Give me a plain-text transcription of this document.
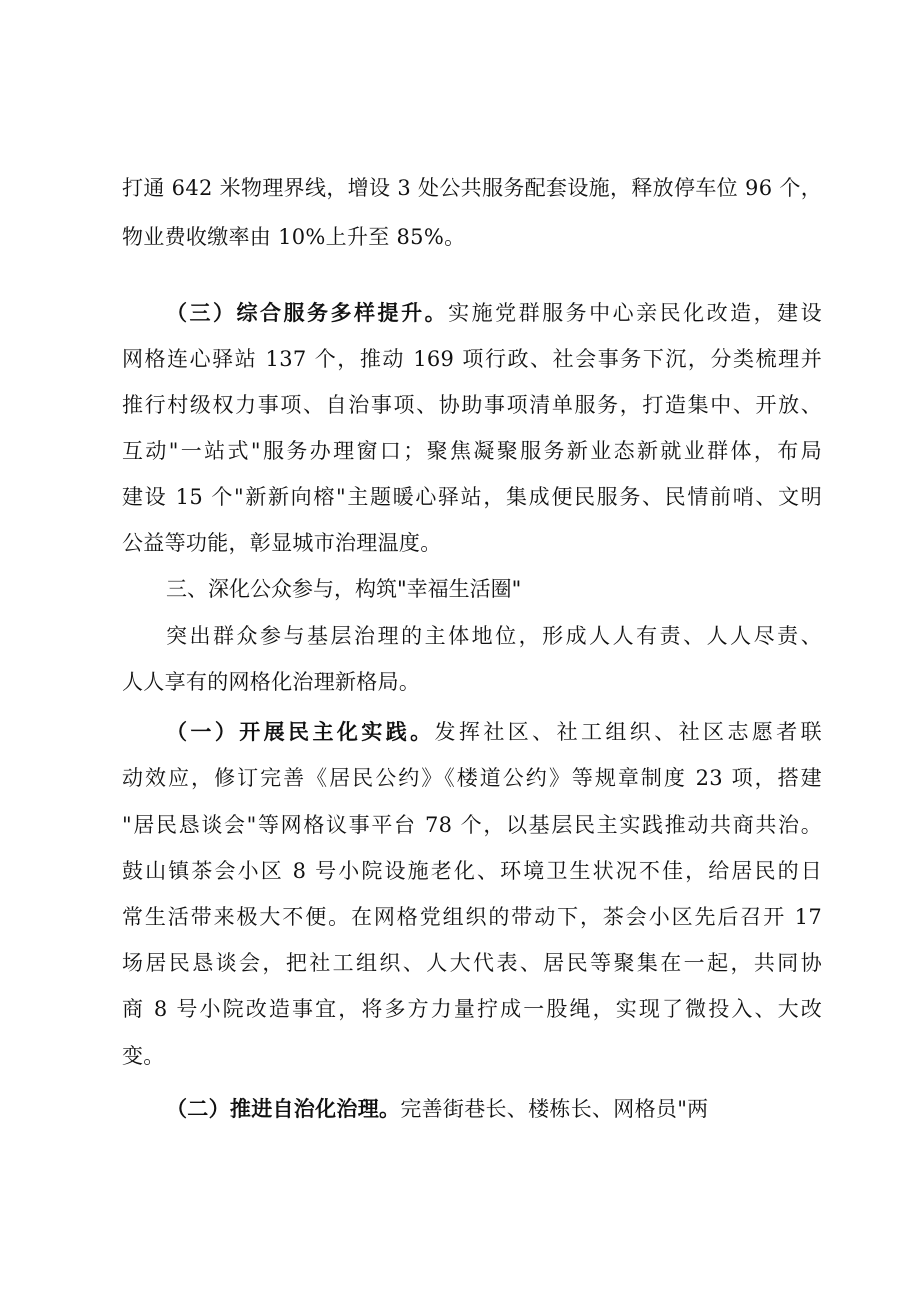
打通 642 米物理界线，增设 3 处公共服务配套设施，释放停车位 96 个，
物业费收缴率由 10%上升至 85%。
（三）综合服务多样提升。实施党群服务中心亲民化改造，建设
网格连心驿站 137 个，推动 169 项行政、社会事务下沉，分类梳理并
推行村级权力事项、自治事项、协助事项清单服务，打造集中、开放、
互动"一站式"服务办理窗口；聚焦凝聚服务新业态新就业群体，布局
建设 15 个"新新向榕"主题暖心驿站，集成便民服务、民情前哨、文明
公益等功能，彰显城市治理温度。
三、深化公众参与，构筑"幸福生活圈"
突出群众参与基层治理的主体地位，形成人人有责、人人尽责、
人人享有的网格化治理新格局。
（一）开展民主化实践。发挥社区、社工组织、社区志愿者联
动效应，修订完善《居民公约》《楼道公约》等规章制度 23 项，搭建
"居民恳谈会"等网格议事平台 78 个，以基层民主实践推动共商共治。
鼓山镇茶会小区 8 号小院设施老化、环境卫生状况不佳，给居民的日
常生活带来极大不便。在网格党组织的带动下，茶会小区先后召开 17
场居民恳谈会，把社工组织、人大代表、居民等聚集在一起，共同协
商 8 号小院改造事宜，将多方力量拧成一股绳，实现了微投入、大改
变。
（二）推进自治化治理。完善街巷长、楼栋长、网格员"两
